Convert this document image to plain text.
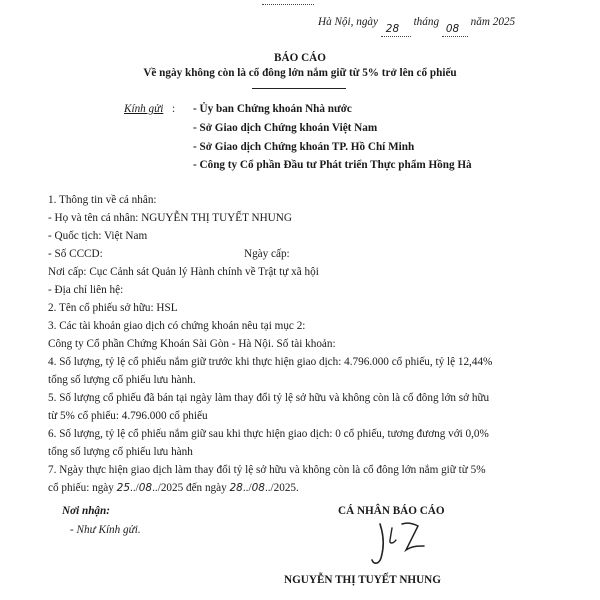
Hà Nội, ngày
28
tháng
08
năm 2025
BÁO CÁO
Về ngày không còn là cổ đông lớn nắm giữ từ 5% trở lên cổ phiếu
Kính gửi : - Ủy ban Chứng khoán Nhà nước
- Sở Giao dịch Chứng khoán Việt Nam
- Sở Giao dịch Chứng khoán TP. Hồ Chí Minh
- Công ty Cổ phần Đầu tư Phát triển Thực phẩm Hồng Hà
1. Thông tin về cá nhân:
- Họ và tên cá nhân: NGUYỄN THỊ TUYẾT NHUNG
- Quốc tịch: Việt Nam
- Số CCCD:	Ngày cấp:
Nơi cấp: Cục Cảnh sát Quản lý Hành chính về Trật tự xã hội
- Địa chỉ liên hệ:
2. Tên cổ phiếu sở hữu: HSL
3. Các tài khoản giao dịch có chứng khoán nêu tại mục 2:
Công ty Cổ phần Chứng Khoán Sài Gòn - Hà Nội. Số tài khoản:
4. Số lượng, tỷ lệ cổ phiếu nắm giữ trước khi thực hiện giao dịch: 4.796.000 cổ phiếu, tỷ lệ 12,44%
tổng số lượng cổ phiếu lưu hành.
5. Số lượng cổ phiếu đã bán tại ngày làm thay đổi tỷ lệ sở hữu và không còn là cổ đông lớn sở hữu
từ 5% cổ phiếu: 4.796.000 cổ phiếu
6. Số lượng, tỷ lệ cổ phiếu nắm giữ sau khi thực hiện giao dịch: 0 cổ phiếu, tương đương với 0,0%
tổng số lượng cổ phiếu lưu hành
7. Ngày thực hiện giao dịch làm thay đổi tỷ lệ sở hữu và không còn là cổ đông lớn nắm giữ từ 5%
cổ phiếu: ngày 25../08../2025 đến ngày 28../08../2025.
Nơi nhận:	CÁ NHÂN BÁO CÁO
- Như Kính gửi.
NGUYỄN THỊ TUYẾT NHUNG
